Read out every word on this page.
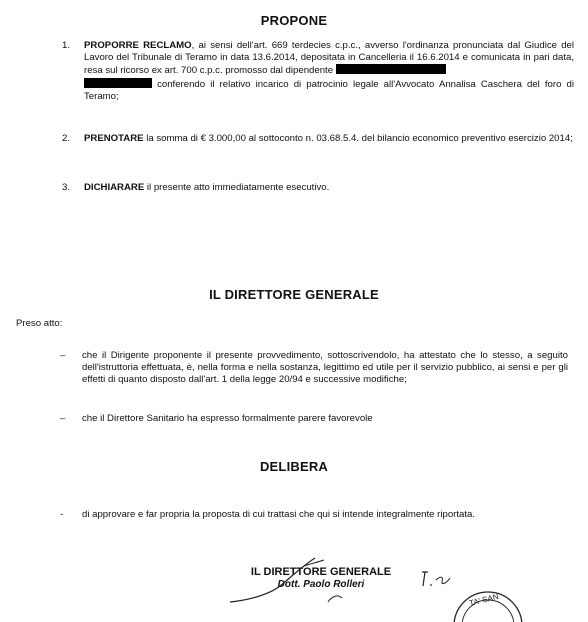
PROPONE
1.	PROPORRE RECLAMO, ai sensi dell'art. 669 terdecies c.p.c., avverso l'ordinanza pronunciata dal Giudice del Lavoro del Tribunale di Teramo in data 13.6.2014, depositata in Cancelleria il 16.6.2014 e comunicata in pari data, resa sul ricorso ex art. 700 c.p.c. promosso dal dipendente
conferendo il relativo incarico di patrocinio legale all'Avvocato Annalisa Caschera del foro di Teramo;
2.	PRENOTARE la somma di € 3.000,00 al sottoconto n. 03.68.5.4. del bilancio economico preventivo esercizio 2014;
3.	DICHIARARE il presente atto immediatamente esecutivo.
IL DIRETTORE GENERALE
Preso atto:
– che il Dirigente proponente il presente provvedimento, sottoscrivendolo, ha attestato che lo stesso, a seguito dell'istruttoria effettuata, è, nella forma e nella sostanza, legittimo ed utile per il servizio pubblico, ai sensi e per gli effetti di quanto disposto dall'art. 1 della legge 20/94 e successive modifiche;
– che il Direttore Sanitario ha espresso formalmente parere favorevole
DELIBERA
- di approvare e far propria la proposta di cui trattasi che qui si intende integralmente riportata.
IL DIRETTORE GENERALE
Dott. Paolo Rolleri
TA' SAN
